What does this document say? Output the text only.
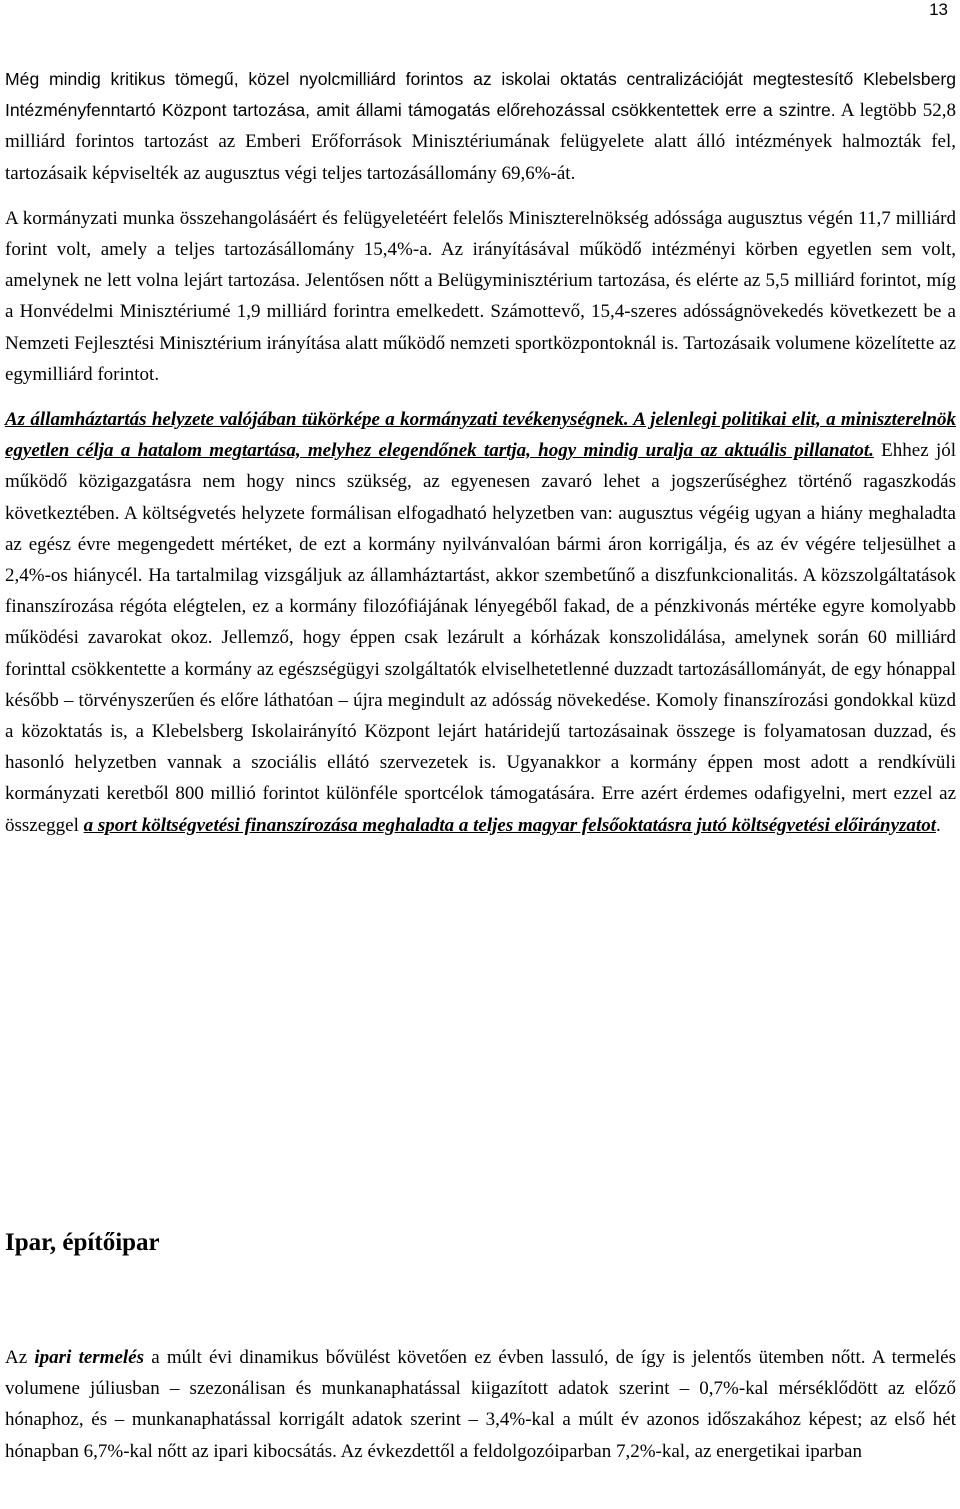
13

Még mindig kritikus tömegű, közel nyolcmilliárd forintos az iskolai oktatás centralizációját megtestesítő Klebelsberg Intézményfenntartó Központ tartozása, amit állami támogatás előrehozással csökkentettek erre a szintre. A legtöbb 52,8 milliárd forintos tartozást az Emberi Erőforrások Minisztériumának felügyelete alatt álló intézmények halmozták fel, tartozásaik képviselték az augusztus végi teljes tartozásállomány 69,6%-át.

A kormányzati munka összehangolásáért és felügyeletéért felelős Miniszterelnökség adóssága augusztus végén 11,7 milliárd forint volt, amely a teljes tartozásállomány 15,4%-a. Az irányításával működő intézményi körben egyetlen sem volt, amelynek ne lett volna lejárt tartozása. Jelentősen nőtt a Belügyminisztérium tartozása, és elérte az 5,5 milliárd forintot, míg a Honvédelmi Minisztériumé 1,9 milliárd forintra emelkedett. Számottevő, 15,4-szeres adósságnövekedés következett be a Nemzeti Fejlesztési Minisztérium irányítása alatt működő nemzeti sportközpontoknál is. Tartozásaik volumene közelítette az egymilliárd forintot.

Az államháztartás helyzete valójában tükörképe a kormányzati tevékenységnek. A jelenlegi politikai elit, a miniszterelnök egyetlen célja a hatalom megtartása, melyhez elegendőnek tartja, hogy mindig uralja az aktuális pillanatot. Ehhez jól működő közigazgatásra nem hogy nincs szükség, az egyenesen zavaró lehet a jogszerűséghez történő ragaszkodás következtében. A költségvetés helyzete formálisan elfogadható helyzetben van: augusztus végéig ugyan a hiány meghaladta az egész évre megengedett mértéket, de ezt a kormány nyilvánvalóan bármi áron korrigálja, és az év végére teljesülhet a 2,4%-os hiánycél. Ha tartalmilag vizsgáljuk az államháztartást, akkor szembetűnő a diszfunkcionalitás. A közszolgáltatások finanszírozása régóta elégtelen, ez a kormány filozófiájának lényegéből fakad, de a pénzkivonás mértéke egyre komolyabb működési zavarokat okoz. Jellemző, hogy éppen csak lezárult a kórházak konszolidálása, amelynek során 60 milliárd forinttal csökkentette a kormány az egészségügyi szolgáltatók elviselhetetlenné duzzadt tartozásállományát, de egy hónappal később – törvényszerűen és előre láthatóan – újra megindult az adósság növekedése. Komoly finanszírozási gondokkal küzd a közoktatás is, a Klebelsberg Iskolairányító Központ lejárt határidejű tartozásainak összege is folyamatosan duzzad, és hasonló helyzetben vannak a szociális ellátó szervezetek is. Ugyanakkor a kormány éppen most adott a rendkívüli kormányzati keretből 800 millió forintot különféle sportcélok támogatására. Erre azért érdemes odafigyelni, mert ezzel az összeggel a sport költségvetési finanszírozása meghaladta a teljes magyar felsőoktatásra jutó költségvetési előirányzatot.

Ipar, építőipar

Az ipari termelés a múlt évi dinamikus bővülést követően ez évben lassuló, de így is jelentős ütemben nőtt. A termelés volumene júliusban – szezonálisan és munkanaphatással kiigazított adatok szerint – 0,7%-kal mérséklődött az előző hónaphoz, és – munkanaphatással korrigált adatok szerint – 3,4%-kal a múlt év azonos időszakához képest; az első hét hónapban 6,7%-kal nőtt az ipari kibocsátás. Az évkezdettől a feldolgozóiparban 7,2%-kal, az energetikai iparban
